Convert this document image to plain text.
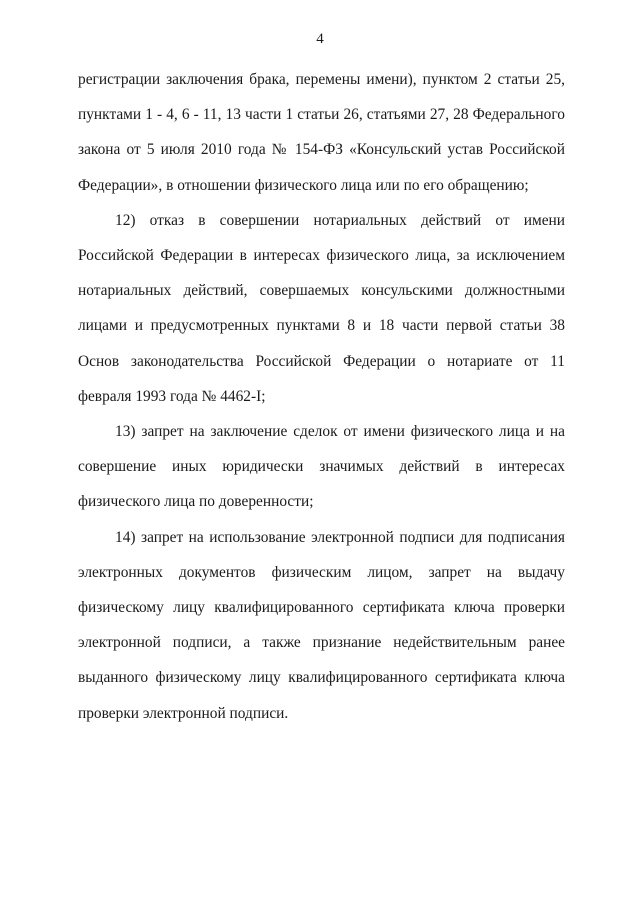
4

регистрации заключения брака, перемены имени), пунктом 2 статьи 25, пунктами 1 - 4, 6 - 11, 13 части 1 статьи 26, статьями 27, 28 Федерального закона от 5 июля 2010 года № 154-ФЗ «Консульский устав Российской Федерации», в отношении физического лица или по его обращению;

12) отказ в совершении нотариальных действий от имени Российской Федерации в интересах физического лица, за исключением нотариальных действий, совершаемых консульскими должностными лицами и предусмотренных пунктами 8 и 18 части первой статьи 38 Основ законодательства Российской Федерации о нотариате от 11 февраля 1993 года № 4462-I;

13) запрет на заключение сделок от имени физического лица и на совершение иных юридически значимых действий в интересах физического лица по доверенности;

14) запрет на использование электронной подписи для подписания электронных документов физическим лицом, запрет на выдачу физическому лицу квалифицированного сертификата ключа проверки электронной подписи, а также признание недействительным ранее выданного физическому лицу квалифицированного сертификата ключа проверки электронной подписи.
